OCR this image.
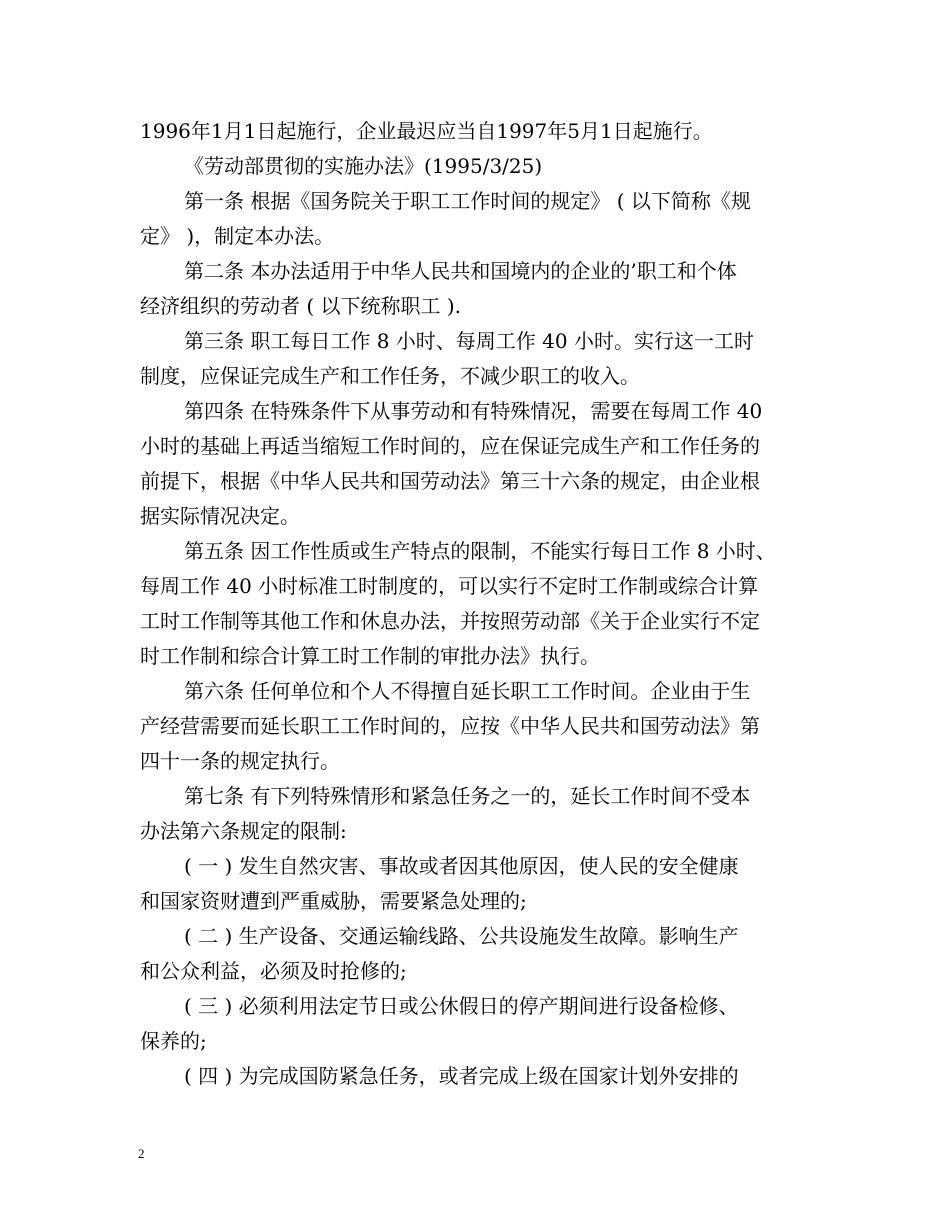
1996年1月1日起施行，企业最迟应当自1997年5月1日起施行。
《劳动部贯彻的实施办法》(1995/3/25)
第一条 根据《国务院关于职工工作时间的规定》 ( 以下简称《规
定》 )，制定本办法。
第二条 本办法适用于中华人民共和国境内的企业的’职工和个体
经济组织的劳动者 ( 以下统称职工 ).
第三条 职工每日工作 8 小时、每周工作 40 小时。实行这一工时
制度，应保证完成生产和工作任务，不减少职工的收入。
第四条 在特殊条件下从事劳动和有特殊情况，需要在每周工作 40
小时的基础上再适当缩短工作时间的，应在保证完成生产和工作任务的
前提下，根据《中华人民共和国劳动法》第三十六条的规定，由企业根
据实际情况决定。
第五条 因工作性质或生产特点的限制，不能实行每日工作 8 小时、
每周工作 40 小时标准工时制度的，可以实行不定时工作制或综合计算
工时工作制等其他工作和休息办法，并按照劳动部《关于企业实行不定
时工作制和综合计算工时工作制的审批办法》执行。
第六条 任何单位和个人不得擅自延长职工工作时间。企业由于生
产经营需要而延长职工工作时间的，应按《中华人民共和国劳动法》第
四十一条的规定执行。
第七条 有下列特殊情形和紧急任务之一的，延长工作时间不受本
办法第六条规定的限制:
( 一 ) 发生自然灾害、事故或者因其他原因，使人民的安全健康
和国家资财遭到严重威胁，需要紧急处理的;
( 二 ) 生产设备、交通运输线路、公共设施发生故障。影响生产
和公众利益，必须及时抢修的;
( 三 ) 必须利用法定节日或公休假日的停产期间进行设备检修、
保养的;
( 四 ) 为完成国防紧急任务，或者完成上级在国家计划外安排的
2
